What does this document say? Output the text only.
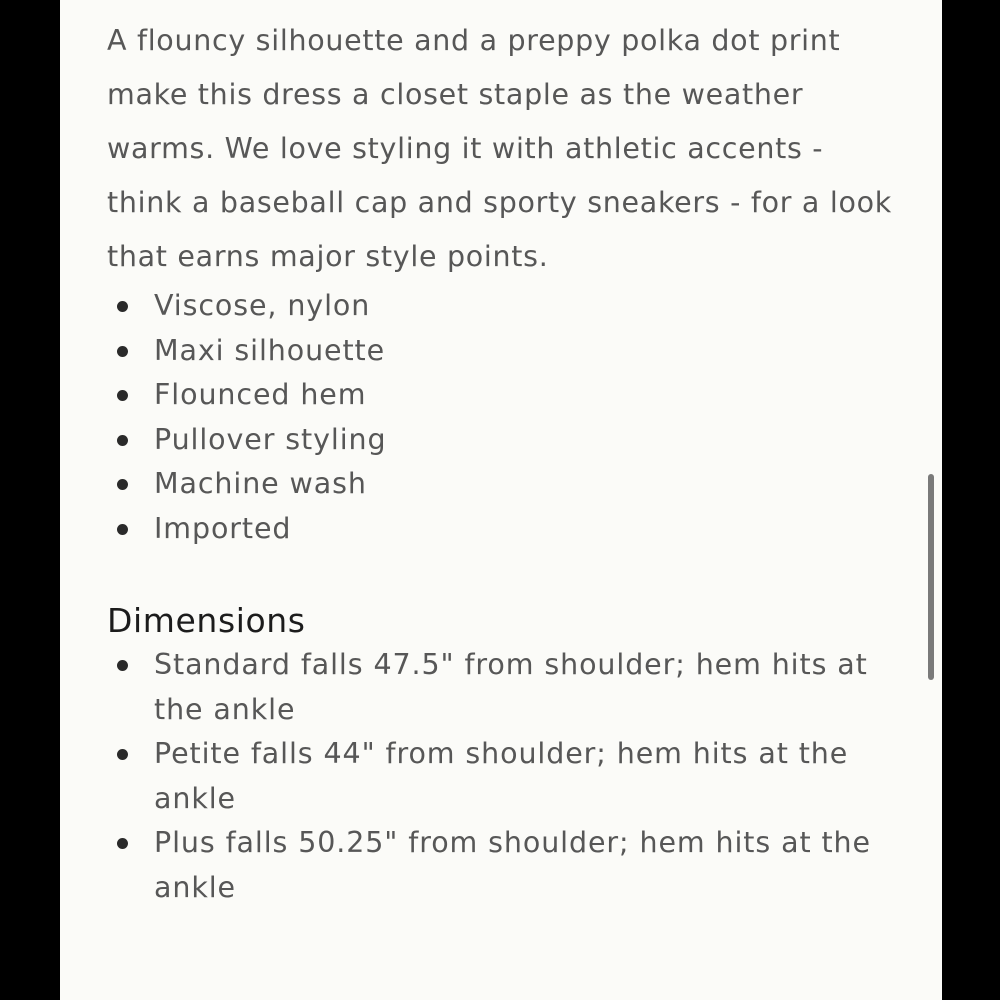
A flouncy silhouette and a preppy polka dot print make this dress a closet staple as the weather warms. We love styling it with athletic accents - think a baseball cap and sporty sneakers - for a look that earns major style points.

Viscose, nylon
Maxi silhouette
Flounced hem
Pullover styling
Machine wash
Imported
Dimensions
Standard falls 47.5" from shoulder; hem hits at the ankle
Petite falls 44" from shoulder; hem hits at the ankle
Plus falls 50.25" from shoulder; hem hits at the ankle
